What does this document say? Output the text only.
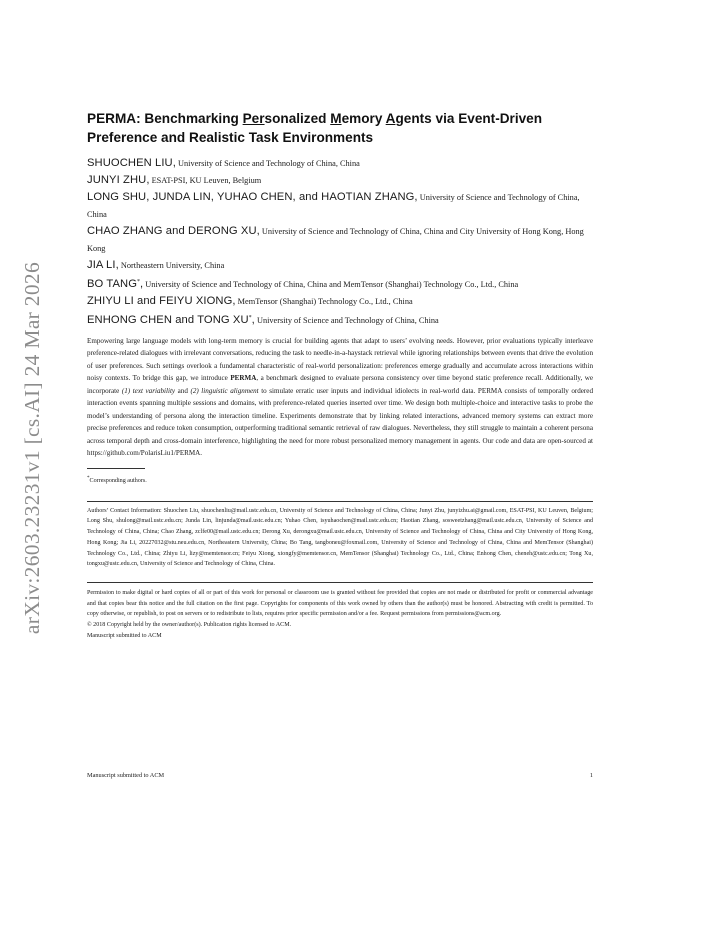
arXiv:2603.23231v1 [cs.AI] 24 Mar 2026
PERMA: Benchmarking Personalized Memory Agents via Event-Driven Preference and Realistic Task Environments

SHUOCHEN LIU, University of Science and Technology of China, China

JUNYI ZHU, ESAT-PSI, KU Leuven, Belgium

LONG SHU, JUNDA LIN, YUHAO CHEN, and HAOTIAN ZHANG, University of Science and Technology of China, China

CHAO ZHANG and DERONG XU, University of Science and Technology of China, China and City University of Hong Kong, Hong Kong

JIA LI, Northeastern University, China

BO TANG*, University of Science and Technology of China, China and MemTensor (Shanghai) Technology Co., Ltd., China

ZHIYU LI and FEIYU XIONG, MemTensor (Shanghai) Technology Co., Ltd., China

ENHONG CHEN and TONG XU*, University of Science and Technology of China, China

Empowering large language models with long-term memory is crucial for building agents that adapt to users’ evolving needs. However, prior evaluations typically interleave preference-related dialogues with irrelevant conversations, reducing the task to needle-in-a-haystack retrieval while ignoring relationships between events that drive the evolution of user preferences. Such settings overlook a fundamental characteristic of real-world personalization: preferences emerge gradually and accumulate across interactions within noisy contexts. To bridge this gap, we introduce PERMA, a benchmark designed to evaluate persona consistency over time beyond static preference recall. Additionally, we incorporate (1) text variability and (2) linguistic alignment to simulate erratic user inputs and individual idiolects in real-world data. PERMA consists of temporally ordered interaction events spanning multiple sessions and domains, with preference-related queries inserted over time. We design both multiple-choice and interactive tasks to probe the model’s understanding of persona along the interaction timeline. Experiments demonstrate that by linking related interactions, advanced memory systems can extract more precise preferences and reduce token consumption, outperforming traditional semantic retrieval of raw dialogues. Nevertheless, they still struggle to maintain a coherent persona across temporal depth and cross-domain interference, highlighting the need for more robust personalized memory management in agents. Our code and data are open-sourced at https://github.com/PolarisLiu1/PERMA.

*Corresponding authors.

Authors’ Contact Information: Shuochen Liu, shuochenliu@mail.ustc.edu.cn, University of Science and Technology of China, China; Junyi Zhu, junyizhu.ai@gmail.com, ESAT-PSI, KU Leuven, Belgium; Long Shu, shulong@mail.ustc.edu.cn; Junda Lin, linjunda@mail.ustc.edu.cn; Yuhao Chen, isyuhaochen@mail.ustc.edu.cn; Haotian Zhang, sosweetzhang@mail.ustc.edu.cn, University of Science and Technology of China, China; Chao Zhang, zclfe00@mail.ustc.edu.cn; Derong Xu, derongxu@mail.ustc.edu.cn, University of Science and Technology of China, China and City University of Hong Kong, Hong Kong; Jia Li, 20227032@stu.neu.edu.cn, Northeastern University, China; Bo Tang, tangboneu@foxmail.com, University of Science and Technology of China, China and MemTensor (Shanghai) Technology Co., Ltd., China; Zhiyu Li, lizy@memtensor.cn; Feiyu Xiong, xiongfy@memtensor.cn, MemTensor (Shanghai) Technology Co., Ltd., China; Enhong Chen, cheneh@ustc.edu.cn; Tong Xu, tongxu@ustc.edu.cn, University of Science and Technology of China, China.

Permission to make digital or hard copies of all or part of this work for personal or classroom use is granted without fee provided that copies are not made or distributed for profit or commercial advantage and that copies bear this notice and the full citation on the first page. Copyrights for components of this work owned by others than the author(s) must be honored. Abstracting with credit is permitted. To copy otherwise, or republish, to post on servers or to redistribute to lists, requires prior specific permission and/or a fee. Request permissions from permissions@acm.org.

© 2018 Copyright held by the owner/author(s). Publication rights licensed to ACM.

Manuscript submitted to ACM

Manuscript submitted to ACM	1
